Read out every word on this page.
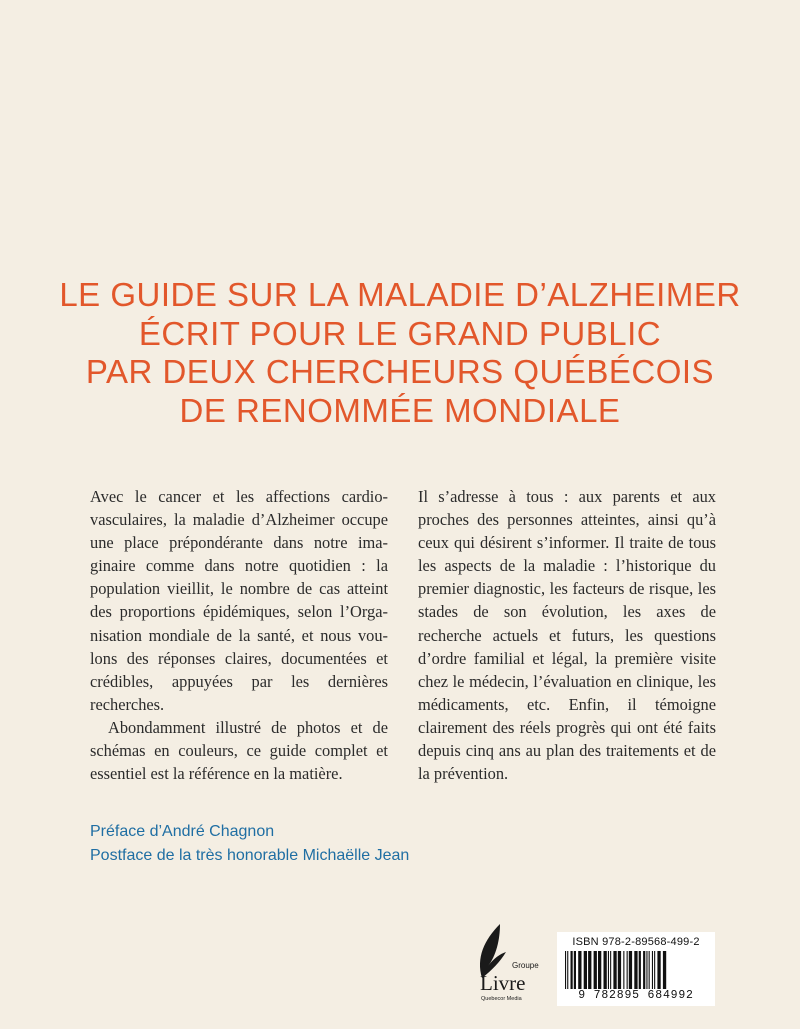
LE GUIDE SUR LA MALADIE D’ALZHEIMER
ÉCRIT POUR LE GRAND PUBLIC
PAR DEUX CHERCHEURS QUÉBÉCOIS
DE RENOMMÉE MONDIALE

Avec le cancer et les affections cardiovasculaires, la maladie d’Alzheimer occupe une place prépondérante dans notre imaginaire comme dans notre quotidien : la population vieillit, le nombre de cas atteint des proportions épidémiques, selon l’Organisation mondiale de la santé, et nous voulons des réponses claires, documentées et crédibles, appuyées par les dernières recherches.

Abondamment illustré de photos et de schémas en couleurs, ce guide complet et essentiel est la référence en la matière.

Il s’adresse à tous : aux parents et aux proches des personnes atteintes, ainsi qu’à ceux qui désirent s’informer. Il traite de tous les aspects de la maladie : l’historique du premier diagnostic, les facteurs de risque, les stades de son évolution, les axes de recherche actuels et futurs, les questions d’ordre familial et légal, la première visite chez le médecin, l’évaluation en clinique, les médicaments, etc. Enfin, il témoigne clairement des réels progrès qui ont été faits depuis cinq ans au plan des traitements et de la prévention.

Préface d’André Chagnon
Postface de la très honorable Michaëlle Jean
Groupe
Livre
Quebecor Media
ISBN 978-2-89568-499-2
9 782895 684992
